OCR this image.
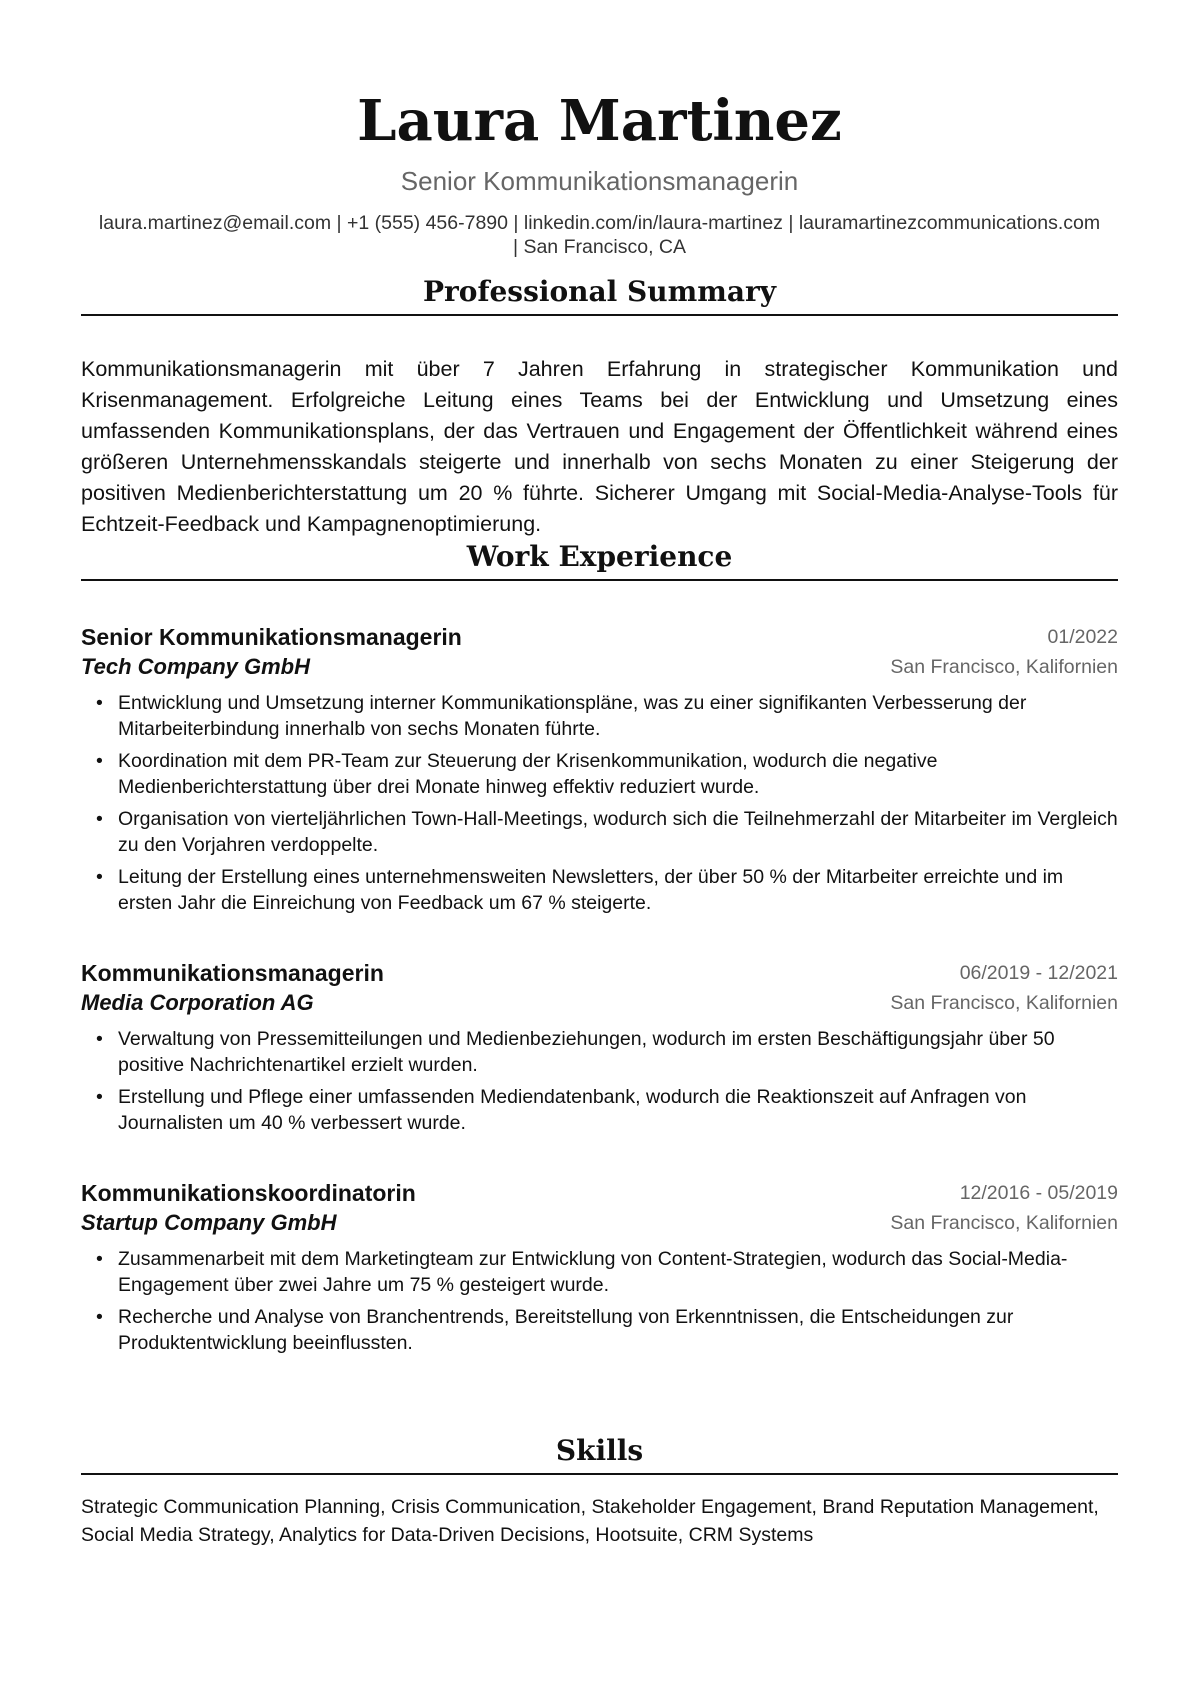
Laura Martinez
Senior Kommunikationsmanagerin
laura.martinez@email.com | +1 (555) 456-7890 | linkedin.com/in/laura-martinez | lauramartinezcommunications.com
| San Francisco, CA
Professional Summary

Kommunikationsmanagerin mit über 7 Jahren Erfahrung in strategischer Kommunikation und Krisenmanagement. Erfolgreiche Leitung eines Teams bei der Entwicklung und Umsetzung eines umfassenden Kommunikationsplans, der das Vertrauen und Engagement der Öffentlichkeit während eines größeren Unternehmensskandals steigerte und innerhalb von sechs Monaten zu einer Steigerung der positiven Medienberichterstattung um 20 % führte. Sicherer Umgang mit Social-Media-Analyse-Tools für Echtzeit-Feedback und Kampagnenoptimierung.

Work Experience
Senior Kommunikationsmanagerin	01/2022
Tech Company GmbH	San Francisco, Kalifornien
• Entwicklung und Umsetzung interner Kommunikationspläne, was zu einer signifikanten Verbesserung der Mitarbeiterbindung innerhalb von sechs Monaten führte.
• Koordination mit dem PR-Team zur Steuerung der Krisenkommunikation, wodurch die negative Medienberichterstattung über drei Monate hinweg effektiv reduziert wurde.
• Organisation von vierteljährlichen Town-Hall-Meetings, wodurch sich die Teilnehmerzahl der Mitarbeiter im Vergleich zu den Vorjahren verdoppelte.
• Leitung der Erstellung eines unternehmensweiten Newsletters, der über 50 % der Mitarbeiter erreichte und im ersten Jahr die Einreichung von Feedback um 67 % steigerte.
Kommunikationsmanagerin	06/2019 - 12/2021
Media Corporation AG	San Francisco, Kalifornien
• Verwaltung von Pressemitteilungen und Medienbeziehungen, wodurch im ersten Beschäftigungsjahr über 50 positive Nachrichtenartikel erzielt wurden.
• Erstellung und Pflege einer umfassenden Mediendatenbank, wodurch die Reaktionszeit auf Anfragen von Journalisten um 40 % verbessert wurde.
Kommunikationskoordinatorin	12/2016 - 05/2019
Startup Company GmbH	San Francisco, Kalifornien
• Zusammenarbeit mit dem Marketingteam zur Entwicklung von Content-Strategien, wodurch das Social-Media-Engagement über zwei Jahre um 75 % gesteigert wurde.
• Recherche und Analyse von Branchentrends, Bereitstellung von Erkenntnissen, die Entscheidungen zur Produktentwicklung beeinflussten.
Skills

Strategic Communication Planning, Crisis Communication, Stakeholder Engagement, Brand Reputation Management, Social Media Strategy, Analytics for Data-Driven Decisions, Hootsuite, CRM Systems
